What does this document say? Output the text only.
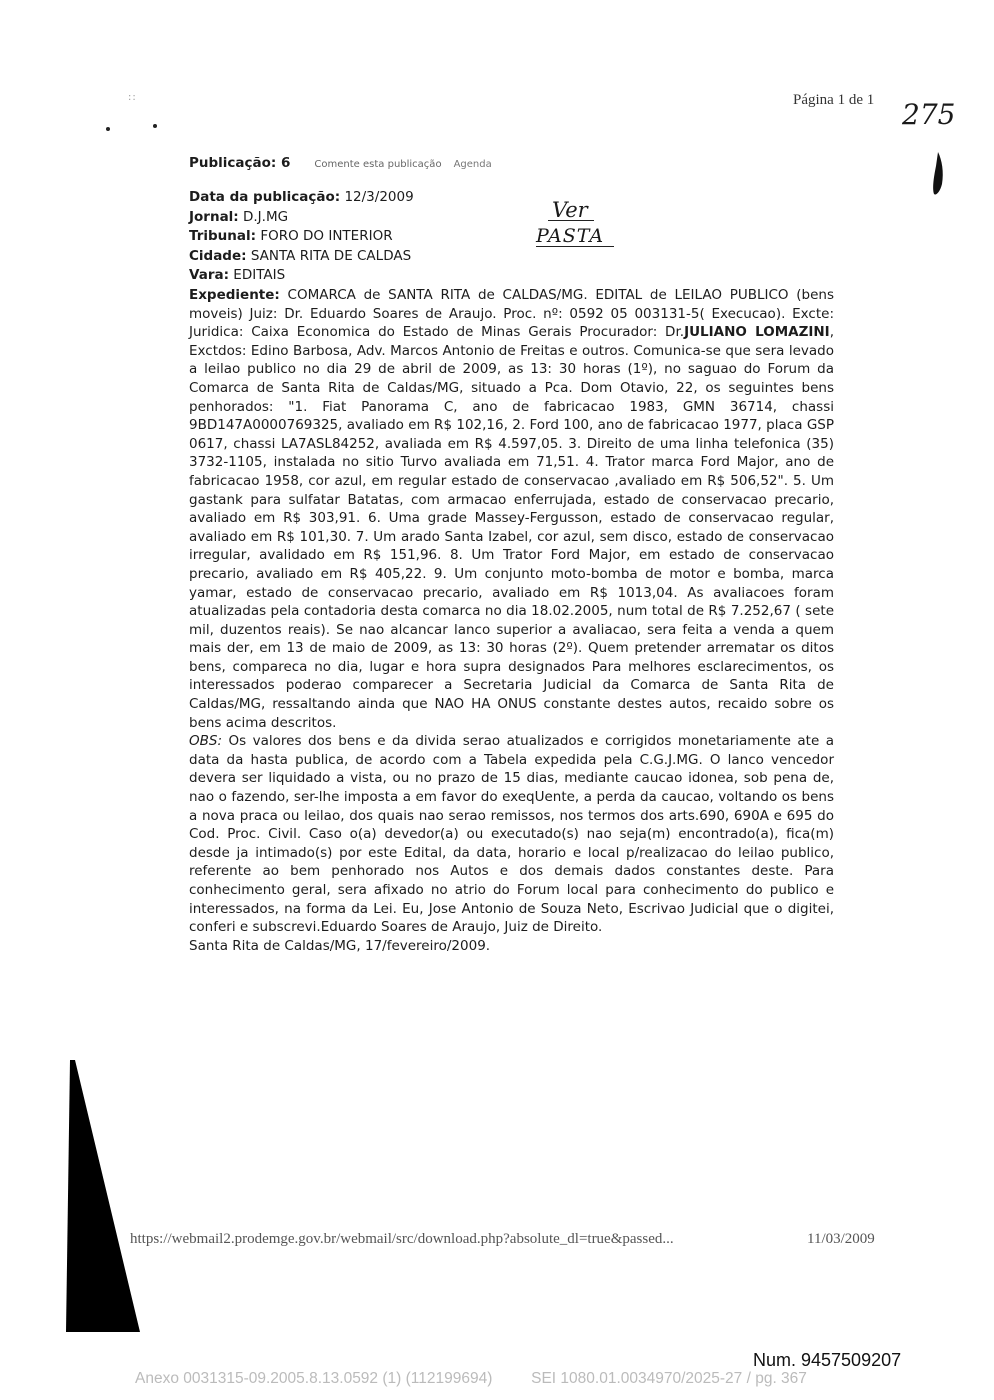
::	Página 1 de 1 275
Ver
PASTA
Publicação: 6 Comente esta publicação Agenda
Data da publicação: 12/3/2009
Jornal: D.J.MG
Tribunal: FORO DO INTERIOR
Cidade: SANTA RITA DE CALDAS
Vara: EDITAIS
Expediente: COMARCA de SANTA RITA de CALDAS/MG. EDITAL de LEILAO PUBLICO (bens moveis) Juiz: Dr. Eduardo Soares de Araujo. Proc. nº: 0592 05 003131-5( Execucao). Excte: Juridica: Caixa Economica do Estado de Minas Gerais Procurador: Dr.JULIANO LOMAZINI, Exctdos: Edino Barbosa, Adv. Marcos Antonio de Freitas e outros. Comunica-se que sera levado a leilao publico no dia 29 de abril de 2009, as 13: 30 horas (1º), no saguao do Forum da Comarca de Santa Rita de Caldas/MG, situado a Pca. Dom Otavio, 22, os seguintes bens penhorados: "1. Fiat Panorama C, ano de fabricacao 1983, GMN 36714, chassi 9BD147A0000769325, avaliado em R$ 102,16, 2. Ford 100, ano de fabricacao 1977, placa GSP 0617, chassi LA7ASL84252, avaliada em R$ 4.597,05. 3. Direito de uma linha telefonica (35) 3732-1105, instalada no sitio Turvo avaliada em 71,51. 4. Trator marca Ford Major, ano de fabricacao 1958, cor azul, em regular estado de conservacao ,avaliado em R$ 506,52". 5. Um gastank para sulfatar Batatas, com armacao enferrujada, estado de conservacao precario, avaliado em R$ 303,91. 6. Uma grade Massey-Fergusson, estado de conservacao regular, avaliado em R$ 101,30. 7. Um arado Santa Izabel, cor azul, sem disco, estado de conservacao irregular, avalidado em R$ 151,96. 8. Um Trator Ford Major, em estado de conservacao precario, avaliado em R$ 405,22. 9. Um conjunto moto-bomba de motor e bomba, marca yamar, estado de conservacao precario, avaliado em R$ 1013,04. As avaliacoes foram atualizadas pela contadoria desta comarca no dia 18.02.2005, num total de R$ 7.252,67 ( sete mil, duzentos reais). Se nao alcancar lanco superior a avaliacao, sera feita a venda a quem mais der, em 13 de maio de 2009, as 13: 30 horas (2º). Quem pretender arrematar os ditos bens, compareca no dia, lugar e hora supra designados Para melhores esclarecimentos, os interessados poderao comparecer a Secretaria Judicial da Comarca de Santa Rita de Caldas/MG, ressaltando ainda que NAO HA ONUS constante destes autos, recaido sobre os bens acima descritos.
OBS: Os valores dos bens e da divida serao atualizados e corrigidos monetariamente ate a data da hasta publica, de acordo com a Tabela expedida pela C.G.J.MG. O lanco vencedor devera ser liquidado a vista, ou no prazo de 15 dias, mediante caucao idonea, sob pena de, nao o fazendo, ser-lhe imposta a em favor do exeqUente, a perda da caucao, voltando os bens a nova praca ou leilao, dos quais nao serao remissos, nos termos dos arts.690, 690A e 695 do Cod. Proc. Civil. Caso o(a) devedor(a) ou executado(s) nao seja(m) encontrado(a), fica(m) desde ja intimado(s) por este Edital, da data, horario e local p/realizacao do leilao publico, referente ao bem penhorado nos Autos e dos demais dados constantes deste. Para conhecimento geral, sera afixado no atrio do Forum local para conhecimento do publico e interessados, na forma da Lei. Eu, Jose Antonio de Souza Neto, Escrivao Judicial que o digitei, conferi e subscrevi.Eduardo Soares de Araujo, Juiz de Direito.
Santa Rita de Caldas/MG, 17/fevereiro/2009.
https://webmail2.prodemge.gov.br/webmail/src/download.php?absolute_dl=true&passed...	11/03/2009
Num. 9457509207
Anexo 0031315-09.2005.8.13.0592 (1) (112199694)         SEI 1080.01.0034970/2025-27 / pg. 367
